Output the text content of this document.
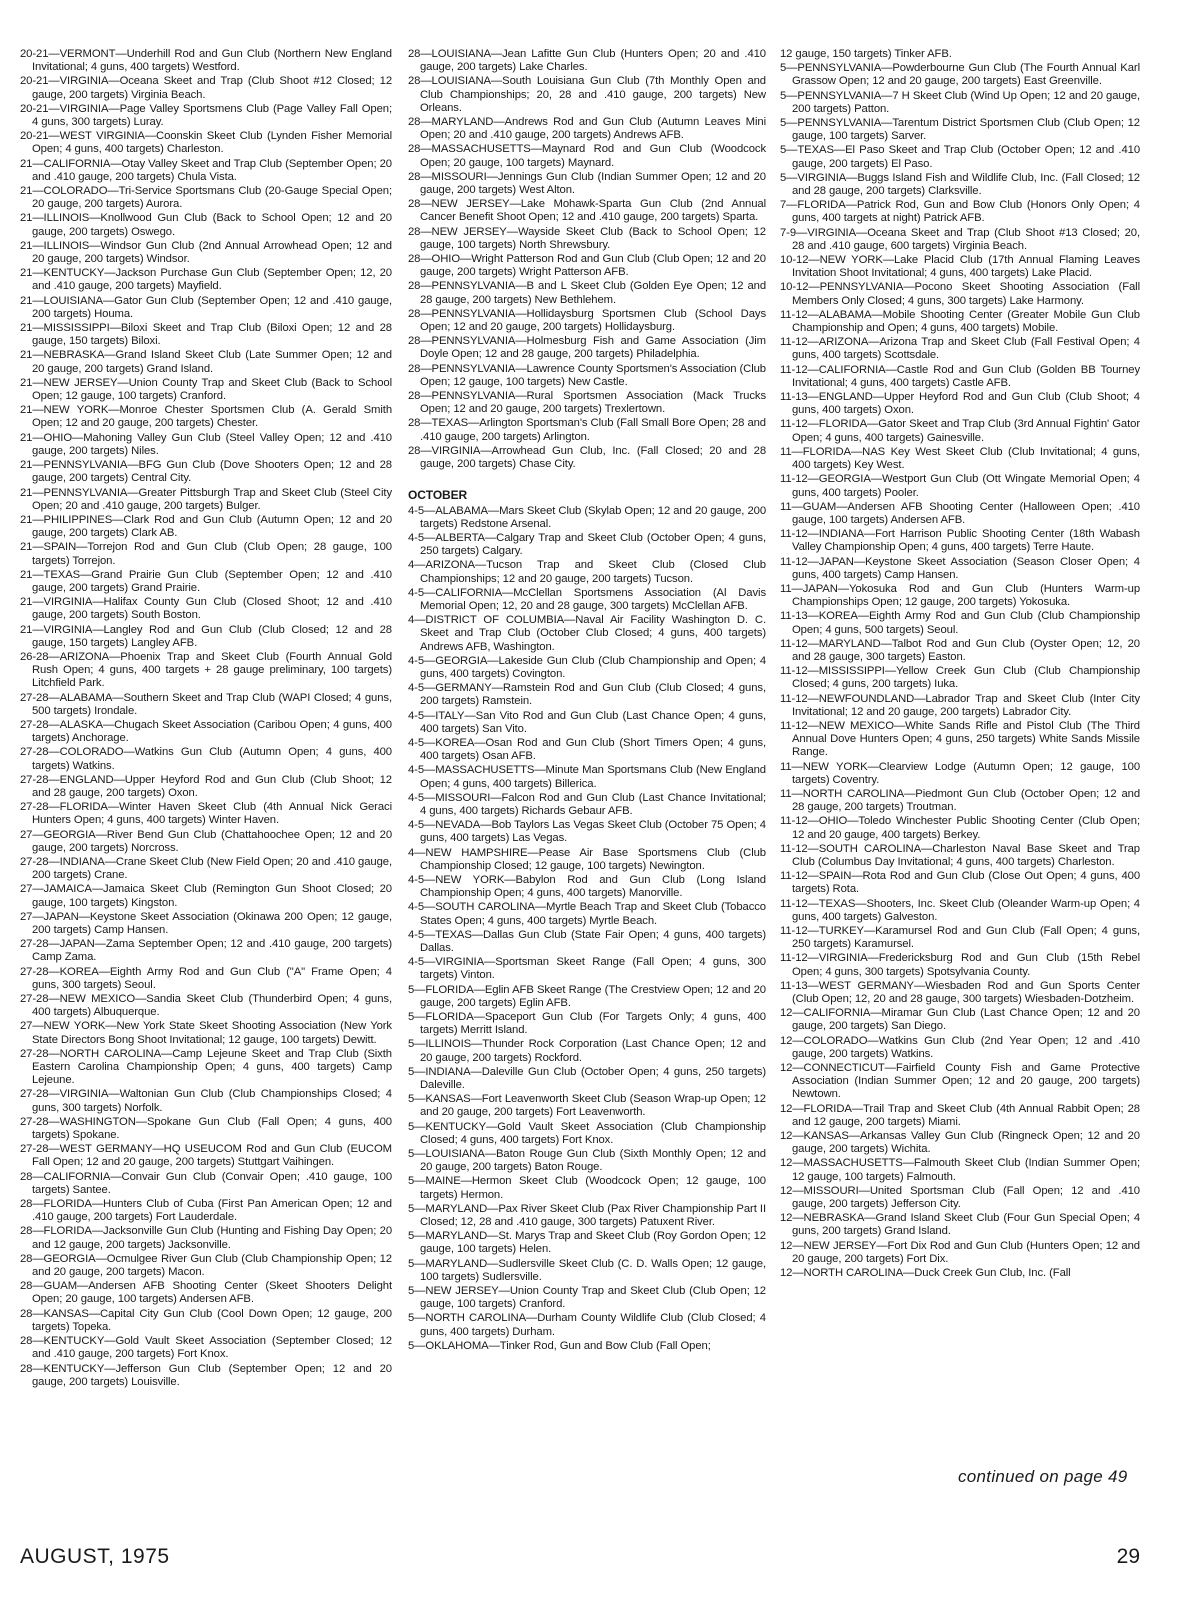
20-21—VERMONT—Underhill Rod and Gun Club (Northern New England Invitational; 4 guns, 400 targets) Westford.

20-21—VIRGINIA—Oceana Skeet and Trap (Club Shoot #12 Closed; 12 gauge, 200 targets) Virginia Beach.

20-21—VIRGINIA—Page Valley Sportsmens Club (Page Valley Fall Open; 4 guns, 300 targets) Luray.

20-21—WEST VIRGINIA—Coonskin Skeet Club (Lynden Fisher Memorial Open; 4 guns, 400 targets) Charleston.

21—CALIFORNIA—Otay Valley Skeet and Trap Club (September Open; 20 and .410 gauge, 200 targets) Chula Vista.

21—COLORADO—Tri-Service Sportsmans Club (20-Gauge Special Open; 20 gauge, 200 targets) Aurora.

21—ILLINOIS—Knollwood Gun Club (Back to School Open; 12 and 20 gauge, 200 targets) Oswego.

21—ILLINOIS—Windsor Gun Club (2nd Annual Arrowhead Open; 12 and 20 gauge, 200 targets) Windsor.

21—KENTUCKY—Jackson Purchase Gun Club (September Open; 12, 20 and .410 gauge, 200 targets) Mayfield.

21—LOUISIANA—Gator Gun Club (September Open; 12 and .410 gauge, 200 targets) Houma.

21—MISSISSIPPI—Biloxi Skeet and Trap Club (Biloxi Open; 12 and 28 gauge, 150 targets) Biloxi.

21—NEBRASKA—Grand Island Skeet Club (Late Summer Open; 12 and 20 gauge, 200 targets) Grand Island.

21—NEW JERSEY—Union County Trap and Skeet Club (Back to School Open; 12 gauge, 100 targets) Cranford.

21—NEW YORK—Monroe Chester Sportsmen Club (A. Gerald Smith Open; 12 and 20 gauge, 200 targets) Chester.

21—OHIO—Mahoning Valley Gun Club (Steel Valley Open; 12 and .410 gauge, 200 targets) Niles.

21—PENNSYLVANIA—BFG Gun Club (Dove Shooters Open; 12 and 28 gauge, 200 targets) Central City.

21—PENNSYLVANIA—Greater Pittsburgh Trap and Skeet Club (Steel City Open; 20 and .410 gauge, 200 targets) Bulger.

21—PHILIPPINES—Clark Rod and Gun Club (Autumn Open; 12 and 20 gauge, 200 targets) Clark AB.

21—SPAIN—Torrejon Rod and Gun Club (Club Open; 28 gauge, 100 targets) Torrejon.

21—TEXAS—Grand Prairie Gun Club (September Open; 12 and .410 gauge, 200 targets) Grand Prairie.

21—VIRGINIA—Halifax County Gun Club (Closed Shoot; 12 and .410 gauge, 200 targets) South Boston.

21—VIRGINIA—Langley Rod and Gun Club (Club Closed; 12 and 28 gauge, 150 targets) Langley AFB.

26-28—ARIZONA—Phoenix Trap and Skeet Club (Fourth Annual Gold Rush Open; 4 guns, 400 targets + 28 gauge preliminary, 100 targets) Litchfield Park.

27-28—ALABAMA—Southern Skeet and Trap Club (WAPI Closed; 4 guns, 500 targets) Irondale.

27-28—ALASKA—Chugach Skeet Association (Caribou Open; 4 guns, 400 targets) Anchorage.

27-28—COLORADO—Watkins Gun Club (Autumn Open; 4 guns, 400 targets) Watkins.

27-28—ENGLAND—Upper Heyford Rod and Gun Club (Club Shoot; 12 and 28 gauge, 200 targets) Oxon.

27-28—FLORIDA—Winter Haven Skeet Club (4th Annual Nick Geraci Hunters Open; 4 guns, 400 targets) Winter Haven.

27—GEORGIA—River Bend Gun Club (Chattahoochee Open; 12 and 20 gauge, 200 targets) Norcross.

27-28—INDIANA—Crane Skeet Club (New Field Open; 20 and .410 gauge, 200 targets) Crane.

27—JAMAICA—Jamaica Skeet Club (Remington Gun Shoot Closed; 20 gauge, 100 targets) Kingston.

27—JAPAN—Keystone Skeet Association (Okinawa 200 Open; 12 gauge, 200 targets) Camp Hansen.

27-28—JAPAN—Zama September Open; 12 and .410 gauge, 200 targets) Camp Zama.

27-28—KOREA—Eighth Army Rod and Gun Club ("A" Frame Open; 4 guns, 300 targets) Seoul.

27-28—NEW MEXICO—Sandia Skeet Club (Thunderbird Open; 4 guns, 400 targets) Albuquerque.

27—NEW YORK—New York State Skeet Shooting Association (New York State Directors Bong Shoot Invitational; 12 gauge, 100 targets) Dewitt.

27-28—NORTH CAROLINA—Camp Lejeune Skeet and Trap Club (Sixth Eastern Carolina Championship Open; 4 guns, 400 targets) Camp Lejeune.

27-28—VIRGINIA—Waltonian Gun Club (Club Championships Closed; 4 guns, 300 targets) Norfolk.

27-28—WASHINGTON—Spokane Gun Club (Fall Open; 4 guns, 400 targets) Spokane.

27-28—WEST GERMANY—HQ USEUCOM Rod and Gun Club (EUCOM Fall Open; 12 and 20 gauge, 200 targets) Stuttgart Vaihingen.

28—CALIFORNIA—Convair Gun Club (Convair Open; .410 gauge, 100 targets) Santee.

28—FLORIDA—Hunters Club of Cuba (First Pan American Open; 12 and .410 gauge, 200 targets) Fort Lauderdale.

28—FLORIDA—Jacksonville Gun Club (Hunting and Fishing Day Open; 20 and 12 gauge, 200 targets) Jacksonville.

28—GEORGIA—Ocmulgee River Gun Club (Club Championship Open; 12 and 20 gauge, 200 targets) Macon.

28—GUAM—Andersen AFB Shooting Center (Skeet Shooters Delight Open; 20 gauge, 100 targets) Andersen AFB.

28—KANSAS—Capital City Gun Club (Cool Down Open; 12 gauge, 200 targets) Topeka.

28—KENTUCKY—Gold Vault Skeet Association (September Closed; 12 and .410 gauge, 200 targets) Fort Knox.

28—KENTUCKY—Jefferson Gun Club (September Open; 12 and 20 gauge, 200 targets) Louisville.

28—LOUISIANA—Jean Lafitte Gun Club (Hunters Open; 20 and .410 gauge, 200 targets) Lake Charles.

28—LOUISIANA—South Louisiana Gun Club (7th Monthly Open and Club Championships; 20, 28 and .410 gauge, 200 targets) New Orleans.

28—MARYLAND—Andrews Rod and Gun Club (Autumn Leaves Mini Open; 20 and .410 gauge, 200 targets) Andrews AFB.

28—MASSACHUSETTS—Maynard Rod and Gun Club (Woodcock Open; 20 gauge, 100 targets) Maynard.

28—MISSOURI—Jennings Gun Club (Indian Summer Open; 12 and 20 gauge, 200 targets) West Alton.

28—NEW JERSEY—Lake Mohawk-Sparta Gun Club (2nd Annual Cancer Benefit Shoot Open; 12 and .410 gauge, 200 targets) Sparta.

28—NEW JERSEY—Wayside Skeet Club (Back to School Open; 12 gauge, 100 targets) North Shrewsbury.

28—OHIO—Wright Patterson Rod and Gun Club (Club Open; 12 and 20 gauge, 200 targets) Wright Patterson AFB.

28—PENNSYLVANIA—B and L Skeet Club (Golden Eye Open; 12 and 28 gauge, 200 targets) New Bethlehem.

28—PENNSYLVANIA—Hollidaysburg Sportsmen Club (School Days Open; 12 and 20 gauge, 200 targets) Hollidaysburg.

28—PENNSYLVANIA—Holmesburg Fish and Game Association (Jim Doyle Open; 12 and 28 gauge, 200 targets) Philadelphia.

28—PENNSYLVANIA—Lawrence County Sportsmen's Association (Club Open; 12 gauge, 100 targets) New Castle.

28—PENNSYLVANIA—Rural Sportsmen Association (Mack Trucks Open; 12 and 20 gauge, 200 targets) Trexlertown.

28—TEXAS—Arlington Sportsman's Club (Fall Small Bore Open; 28 and .410 gauge, 200 targets) Arlington.

28—VIRGINIA—Arrowhead Gun Club, Inc. (Fall Closed; 20 and 28 gauge, 200 targets) Chase City.

OCTOBER

4-5—ALABAMA—Mars Skeet Club (Skylab Open; 12 and 20 gauge, 200 targets) Redstone Arsenal.

4-5—ALBERTA—Calgary Trap and Skeet Club (October Open; 4 guns, 250 targets) Calgary.

4—ARIZONA—Tucson Trap and Skeet Club (Closed Club Championships; 12 and 20 gauge, 200 targets) Tucson.

4-5—CALIFORNIA—McClellan Sportsmens Association (Al Davis Memorial Open; 12, 20 and 28 gauge, 300 targets) McClellan AFB.

4—DISTRICT OF COLUMBIA—Naval Air Facility Washington D. C. Skeet and Trap Club (October Club Closed; 4 guns, 400 targets) Andrews AFB, Washington.

4-5—GEORGIA—Lakeside Gun Club (Club Championship and Open; 4 guns, 400 targets) Covington.

4-5—GERMANY—Ramstein Rod and Gun Club (Club Closed; 4 guns, 200 targets) Ramstein.

4-5—ITALY—San Vito Rod and Gun Club (Last Chance Open; 4 guns, 400 targets) San Vito.

4-5—KOREA—Osan Rod and Gun Club (Short Timers Open; 4 guns, 400 targets) Osan AFB.

4-5—MASSACHUSETTS—Minute Man Sportsmans Club (New England Open; 4 guns, 400 targets) Billerica.

4-5—MISSOURI—Falcon Rod and Gun Club (Last Chance Invitational; 4 guns, 400 targets) Richards Gebaur AFB.

4-5—NEVADA—Bob Taylors Las Vegas Skeet Club (October 75 Open; 4 guns, 400 targets) Las Vegas.

4—NEW HAMPSHIRE—Pease Air Base Sportsmens Club (Club Championship Closed; 12 gauge, 100 targets) Newington.

4-5—NEW YORK—Babylon Rod and Gun Club (Long Island Championship Open; 4 guns, 400 targets) Manorville.

4-5—SOUTH CAROLINA—Myrtle Beach Trap and Skeet Club (Tobacco States Open; 4 guns, 400 targets) Myrtle Beach.

4-5—TEXAS—Dallas Gun Club (State Fair Open; 4 guns, 400 targets) Dallas.

4-5—VIRGINIA—Sportsman Skeet Range (Fall Open; 4 guns, 300 targets) Vinton.

5—FLORIDA—Eglin AFB Skeet Range (The Crestview Open; 12 and 20 gauge, 200 targets) Eglin AFB.

5—FLORIDA—Spaceport Gun Club (For Targets Only; 4 guns, 400 targets) Merritt Island.

5—ILLINOIS—Thunder Rock Corporation (Last Chance Open; 12 and 20 gauge, 200 targets) Rockford.

5—INDIANA—Daleville Gun Club (October Open; 4 guns, 250 targets) Daleville.

5—KANSAS—Fort Leavenworth Skeet Club (Season Wrap-up Open; 12 and 20 gauge, 200 targets) Fort Leavenworth.

5—KENTUCKY—Gold Vault Skeet Association (Club Championship Closed; 4 guns, 400 targets) Fort Knox.

5—LOUISIANA—Baton Rouge Gun Club (Sixth Monthly Open; 12 and 20 gauge, 200 targets) Baton Rouge.

5—MAINE—Hermon Skeet Club (Woodcock Open; 12 gauge, 100 targets) Hermon.

5—MARYLAND—Pax River Skeet Club (Pax River Championship Part II Closed; 12, 28 and .410 gauge, 300 targets) Patuxent River.

5—MARYLAND—St. Marys Trap and Skeet Club (Roy Gordon Open; 12 gauge, 100 targets) Helen.

5—MARYLAND—Sudlersville Skeet Club (C. D. Walls Open; 12 gauge, 100 targets) Sudlersville.

5—NEW JERSEY—Union County Trap and Skeet Club (Club Open; 12 gauge, 100 targets) Cranford.

5—NORTH CAROLINA—Durham County Wildlife Club (Club Closed; 4 guns, 400 targets) Durham.

5—OKLAHOMA—Tinker Rod, Gun and Bow Club (Fall Open;

12 gauge, 150 targets) Tinker AFB.

5—PENNSYLVANIA—Powderbourne Gun Club (The Fourth Annual Karl Grassow Open; 12 and 20 gauge, 200 targets) East Greenville.

5—PENNSYLVANIA—7 H Skeet Club (Wind Up Open; 12 and 20 gauge, 200 targets) Patton.

5—PENNSYLVANIA—Tarentum District Sportsmen Club (Club Open; 12 gauge, 100 targets) Sarver.

5—TEXAS—El Paso Skeet and Trap Club (October Open; 12 and .410 gauge, 200 targets) El Paso.

5—VIRGINIA—Buggs Island Fish and Wildlife Club, Inc. (Fall Closed; 12 and 28 gauge, 200 targets) Clarksville.

7—FLORIDA—Patrick Rod, Gun and Bow Club (Honors Only Open; 4 guns, 400 targets at night) Patrick AFB.

7-9—VIRGINIA—Oceana Skeet and Trap (Club Shoot #13 Closed; 20, 28 and .410 gauge, 600 targets) Virginia Beach.

10-12—NEW YORK—Lake Placid Club (17th Annual Flaming Leaves Invitation Shoot Invitational; 4 guns, 400 targets) Lake Placid.

10-12—PENNSYLVANIA—Pocono Skeet Shooting Association (Fall Members Only Closed; 4 guns, 300 targets) Lake Harmony.

11-12—ALABAMA—Mobile Shooting Center (Greater Mobile Gun Club Championship and Open; 4 guns, 400 targets) Mobile.

11-12—ARIZONA—Arizona Trap and Skeet Club (Fall Festival Open; 4 guns, 400 targets) Scottsdale.

11-12—CALIFORNIA—Castle Rod and Gun Club (Golden BB Tourney Invitational; 4 guns, 400 targets) Castle AFB.

11-13—ENGLAND—Upper Heyford Rod and Gun Club (Club Shoot; 4 guns, 400 targets) Oxon.

11-12—FLORIDA—Gator Skeet and Trap Club (3rd Annual Fightin' Gator Open; 4 guns, 400 targets) Gainesville.

11—FLORIDA—NAS Key West Skeet Club (Club Invitational; 4 guns, 400 targets) Key West.

11-12—GEORGIA—Westport Gun Club (Ott Wingate Memorial Open; 4 guns, 400 targets) Pooler.

11—GUAM—Andersen AFB Shooting Center (Halloween Open; .410 gauge, 100 targets) Andersen AFB.

11-12—INDIANA—Fort Harrison Public Shooting Center (18th Wabash Valley Championship Open; 4 guns, 400 targets) Terre Haute.

11-12—JAPAN—Keystone Skeet Association (Season Closer Open; 4 guns, 400 targets) Camp Hansen.

11—JAPAN—Yokosuka Rod and Gun Club (Hunters Warm-up Championships Open; 12 gauge, 200 targets) Yokosuka.

11-13—KOREA—Eighth Army Rod and Gun Club (Club Championship Open; 4 guns, 500 targets) Seoul.

11-12—MARYLAND—Talbot Rod and Gun Club (Oyster Open; 12, 20 and 28 gauge, 300 targets) Easton.

11-12—MISSISSIPPI—Yellow Creek Gun Club (Club Championship Closed; 4 guns, 200 targets) Iuka.

11-12—NEWFOUNDLAND—Labrador Trap and Skeet Club (Inter City Invitational; 12 and 20 gauge, 200 targets) Labrador City.

11-12—NEW MEXICO—White Sands Rifle and Pistol Club (The Third Annual Dove Hunters Open; 4 guns, 250 targets) White Sands Missile Range.

11—NEW YORK—Clearview Lodge (Autumn Open; 12 gauge, 100 targets) Coventry.

11—NORTH CAROLINA—Piedmont Gun Club (October Open; 12 and 28 gauge, 200 targets) Troutman.

11-12—OHIO—Toledo Winchester Public Shooting Center (Club Open; 12 and 20 gauge, 400 targets) Berkey.

11-12—SOUTH CAROLINA—Charleston Naval Base Skeet and Trap Club (Columbus Day Invitational; 4 guns, 400 targets) Charleston.

11-12—SPAIN—Rota Rod and Gun Club (Close Out Open; 4 guns, 400 targets) Rota.

11-12—TEXAS—Shooters, Inc. Skeet Club (Oleander Warm-up Open; 4 guns, 400 targets) Galveston.

11-12—TURKEY—Karamursel Rod and Gun Club (Fall Open; 4 guns, 250 targets) Karamursel.

11-12—VIRGINIA—Fredericksburg Rod and Gun Club (15th Rebel Open; 4 guns, 300 targets) Spotsylvania County.

11-13—WEST GERMANY—Wiesbaden Rod and Gun Sports Center (Club Open; 12, 20 and 28 gauge, 300 targets) Wiesbaden-Dotzheim.

12—CALIFORNIA—Miramar Gun Club (Last Chance Open; 12 and 20 gauge, 200 targets) San Diego.

12—COLORADO—Watkins Gun Club (2nd Year Open; 12 and .410 gauge, 200 targets) Watkins.

12—CONNECTICUT—Fairfield County Fish and Game Protective Association (Indian Summer Open; 12 and 20 gauge, 200 targets) Newtown.

12—FLORIDA—Trail Trap and Skeet Club (4th Annual Rabbit Open; 28 and 12 gauge, 200 targets) Miami.

12—KANSAS—Arkansas Valley Gun Club (Ringneck Open; 12 and 20 gauge, 200 targets) Wichita.

12—MASSACHUSETTS—Falmouth Skeet Club (Indian Summer Open; 12 gauge, 100 targets) Falmouth.

12—MISSOURI—United Sportsman Club (Fall Open; 12 and .410 gauge, 200 targets) Jefferson City.

12—NEBRASKA—Grand Island Skeet Club (Four Gun Special Open; 4 guns, 200 targets) Grand Island.

12—NEW JERSEY—Fort Dix Rod and Gun Club (Hunters Open; 12 and 20 gauge, 200 targets) Fort Dix.

12—NORTH CAROLINA—Duck Creek Gun Club, Inc. (Fall

continued on page 49
AUGUST, 1975	29
